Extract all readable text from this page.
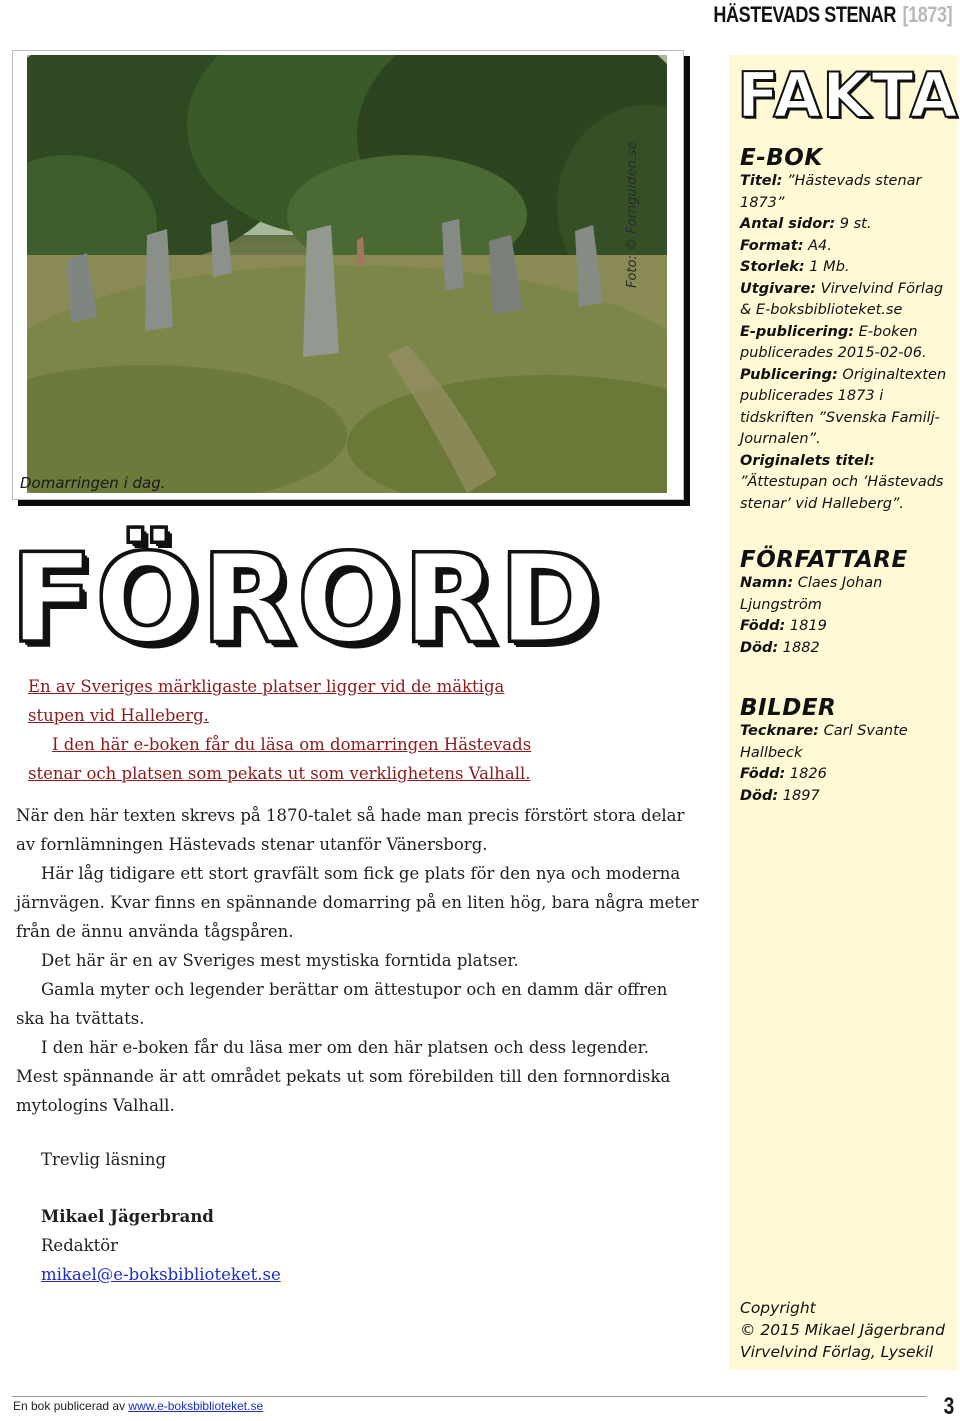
HÄSTEVADS STENAR [1873]
Domarringen i dag.
Foto: © Fornguiden.se
FÖRORD

En av Sveriges märkligaste platser ligger vid de mäktiga stupen vid Halleberg.

I den här e-boken får du läsa om domarringen Hästevads stenar och platsen som pekats ut som verklighetens Valhall.

När den här texten skrevs på 1870-talet så hade man precis förstört stora delar av fornlämningen Hästevads stenar utanför Vänersborg.

Här låg tidigare ett stort gravfält som fick ge plats för den nya och moderna järnvägen. Kvar finns en spännande domarring på en liten hög, bara några meter från de ännu använda tågspåren.

Det här är en av Sveriges mest mystiska forntida platser.

Gamla myter och legender berättar om ättestupor och en damm där offren ska ha tvättats.

I den här e-boken får du läsa mer om den här platsen och dess legender.

Mest spännande är att området pekats ut som förebilden till den fornnordiska mytologins Valhall.

Trevlig läsning
Mikael Jägerbrand
Redaktör
mikael@e-boksbiblioteket.se
FAKTA
E-BOK
Titel: ”Hästevads stenar 1873”
Antal sidor: 9 st.
Format: A4.
Storlek: 1 Mb.
Utgivare: Virvelvind Förlag & E-boksbiblioteket.se
E-publicering: E-boken publicerades 2015-02-06.
Publicering: Originaltexten publicerades 1873 i tidskriften ”Svenska Familj-Journalen”.
Originalets titel: ”Ättestupan och ’Hästevads stenar’ vid Halleberg”.
FÖRFATTARE
Namn: Claes Johan Ljungström
Född: 1819
Död: 1882
BILDER
Tecknare: Carl Svante Hallbeck
Född: 1826
Död: 1897
Copyright
© 2015 Mikael Jägerbrand
Virvelvind Förlag, Lysekil
En bok publicerad av www.e-boksbiblioteket.se	3
